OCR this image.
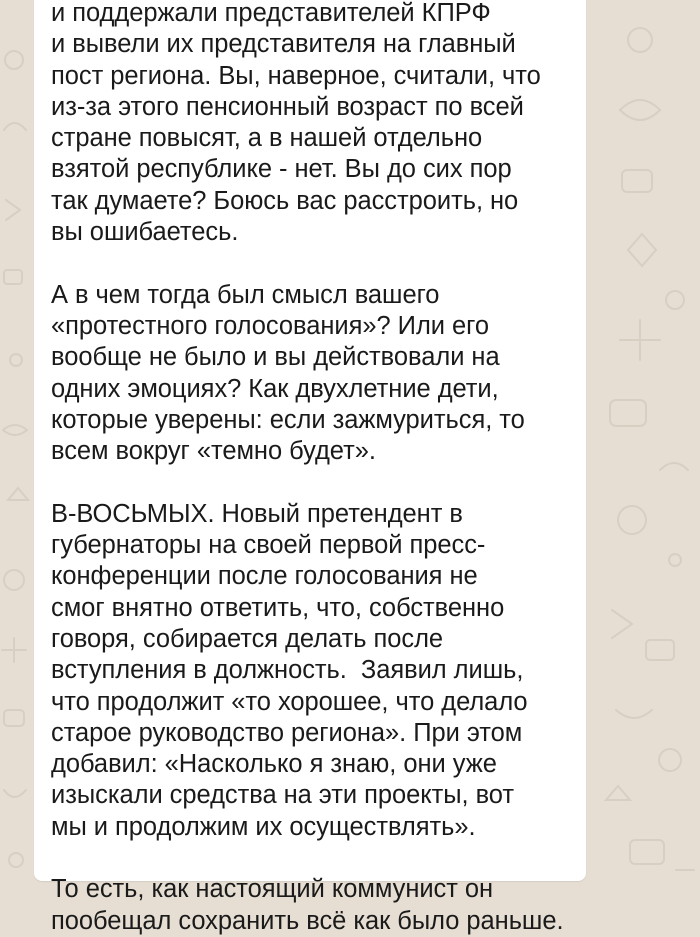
и поддержали представителей КПРФ
и вывели их представителя на главный
пост региона. Вы, наверное, считали, что
из-за этого пенсионный возраст по всей
стране повысят, а в нашей отдельно
взятой республике - нет. Вы до сих пор
так думаете? Боюсь вас расстроить, но
вы ошибаетесь.
А в чем тогда был смысл вашего
«протестного голосования»? Или его
вообще не было и вы действовали на
одних эмоциях? Как двухлетние дети,
которые уверены: если зажмуриться, то
всем вокруг «темно будет».
В-ВОСЬМЫХ. Новый претендент в
губернаторы на своей первой пресс-
конференции после голосования не
смог внятно ответить, что, собственно
говоря, собирается делать после
вступления в должность.  Заявил лишь,
что продолжит «то хорошее, что делало
старое руководство региона». При этом
добавил: «Насколько я знаю, они уже
изыскали средства на эти проекты, вот
мы и продолжим их осуществлять».
То есть, как настоящий коммунист он
пообещал сохранить всё как было раньше.
